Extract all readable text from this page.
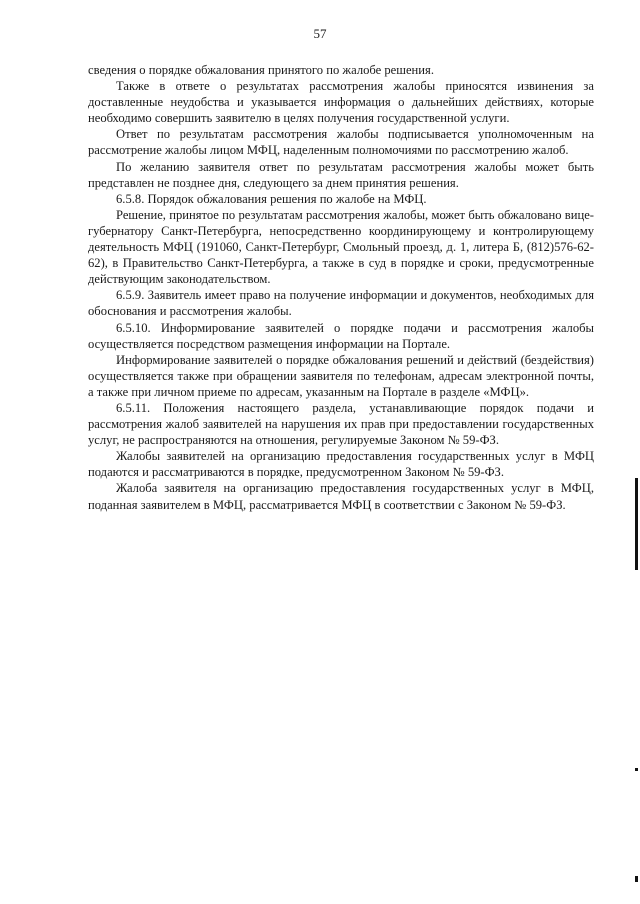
57

сведения о порядке обжалования принятого по жалобе решения.

Также в ответе о результатах рассмотрения жалобы приносятся извинения за доставленные неудобства и указывается информация о дальнейших действиях, которые необходимо совершить заявителю в целях получения государственной услуги.

Ответ по результатам рассмотрения жалобы подписывается уполномоченным на рассмотрение жалобы лицом МФЦ, наделенным полномочиями по рассмотрению жалоб.

По желанию заявителя ответ по результатам рассмотрения жалобы может быть представлен не позднее дня, следующего за днем принятия решения.

6.5.8. Порядок обжалования решения по жалобе на МФЦ.

Решение, принятое по результатам рассмотрения жалобы, может быть обжаловано вице-губернатору Санкт-Петербурга, непосредственно координирующему и контролирующему деятельность МФЦ (191060, Санкт-Петербург, Смольный проезд, д. 1, литера Б, (812)576-62-62), в Правительство Санкт-Петербурга, а также в суд в порядке и сроки, предусмотренные действующим законодательством.

6.5.9. Заявитель имеет право на получение информации и документов, необходимых для обоснования и рассмотрения жалобы.

6.5.10. Информирование заявителей о порядке подачи и рассмотрения жалобы осуществляется посредством размещения информации на Портале.

Информирование заявителей о порядке обжалования решений и действий (бездействия) осуществляется также при обращении заявителя по телефонам, адресам электронной почты, а также при личном приеме по адресам, указанным на Портале в разделе «МФЦ».

6.5.11. Положения настоящего раздела, устанавливающие порядок подачи и рассмотрения жалоб заявителей на нарушения их прав при предоставлении государственных услуг, не распространяются на отношения, регулируемые Законом № 59-ФЗ.

Жалобы заявителей на организацию предоставления государственных услуг в МФЦ подаются и рассматриваются в порядке, предусмотренном Законом № 59-ФЗ.

Жалоба заявителя на организацию предоставления государственных услуг в МФЦ, поданная заявителем в МФЦ, рассматривается МФЦ в соответствии с Законом № 59-ФЗ.
